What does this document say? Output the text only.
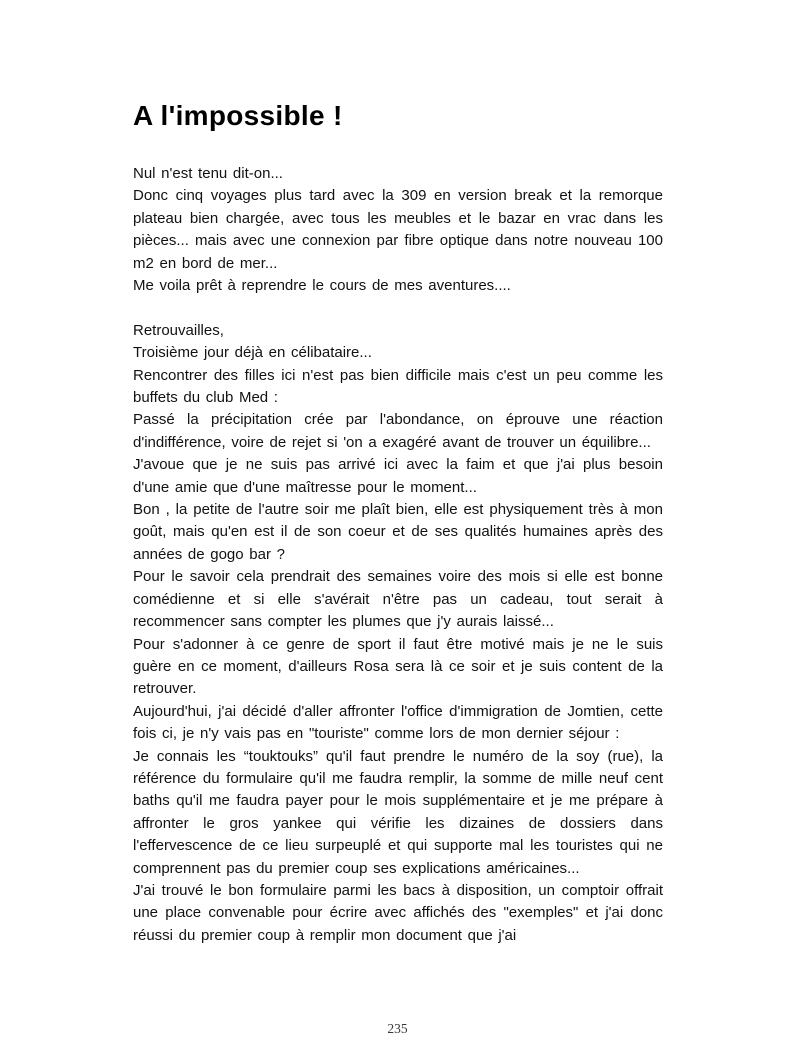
A l'impossible !

Nul n'est tenu dit-on...

Donc cinq voyages plus tard avec la 309 en version break et la remorque plateau bien chargée, avec tous les meubles et le bazar en vrac dans les pièces... mais avec une connexion par fibre optique dans notre nouveau 100 m2 en bord de mer...

Me voila prêt à reprendre le cours de mes aventures....

Retrouvailles,

Troisième jour déjà en célibataire...

Rencontrer des filles ici n'est pas bien difficile mais c'est un peu comme les buffets du club Med :

Passé la précipitation crée par l'abondance, on éprouve une réaction d'indifférence, voire de rejet si 'on a exagéré avant de trouver un équilibre...

J'avoue que je ne suis pas arrivé ici avec la faim et que j'ai plus besoin d'une amie que d'une maîtresse pour le moment...

Bon , la petite de l'autre soir me plaît bien, elle est physiquement très à mon goût, mais qu'en est il de son coeur et de ses qualités humaines après des années de gogo bar ?

Pour le savoir cela prendrait des semaines voire des mois si elle est bonne comédienne et si elle s'avérait n'être pas un cadeau, tout serait à recommencer sans compter les plumes que j'y aurais laissé...

Pour s'adonner à ce genre de sport il faut être motivé mais je ne le suis guère en ce moment, d'ailleurs Rosa sera là ce soir et je suis content de la retrouver.

Aujourd'hui, j'ai décidé d'aller affronter l'office d'immigration de Jomtien, cette fois ci, je n'y vais pas en "touriste" comme lors de mon dernier séjour :

Je connais les “touktouks” qu'il faut prendre le numéro de la soy (rue), la référence du formulaire qu'il me faudra remplir, la somme de mille neuf cent baths qu'il me faudra payer pour le mois supplémentaire et je me prépare à affronter le gros yankee qui vérifie les dizaines de dossiers dans l'effervescence de ce lieu surpeuplé et qui supporte mal les touristes qui ne comprennent pas du premier coup ses explications américaines...

J'ai trouvé le bon formulaire parmi les bacs à disposition, un comptoir offrait une place convenable pour écrire avec affichés des "exemples" et j'ai donc réussi du premier coup à remplir mon document que j'ai

235
